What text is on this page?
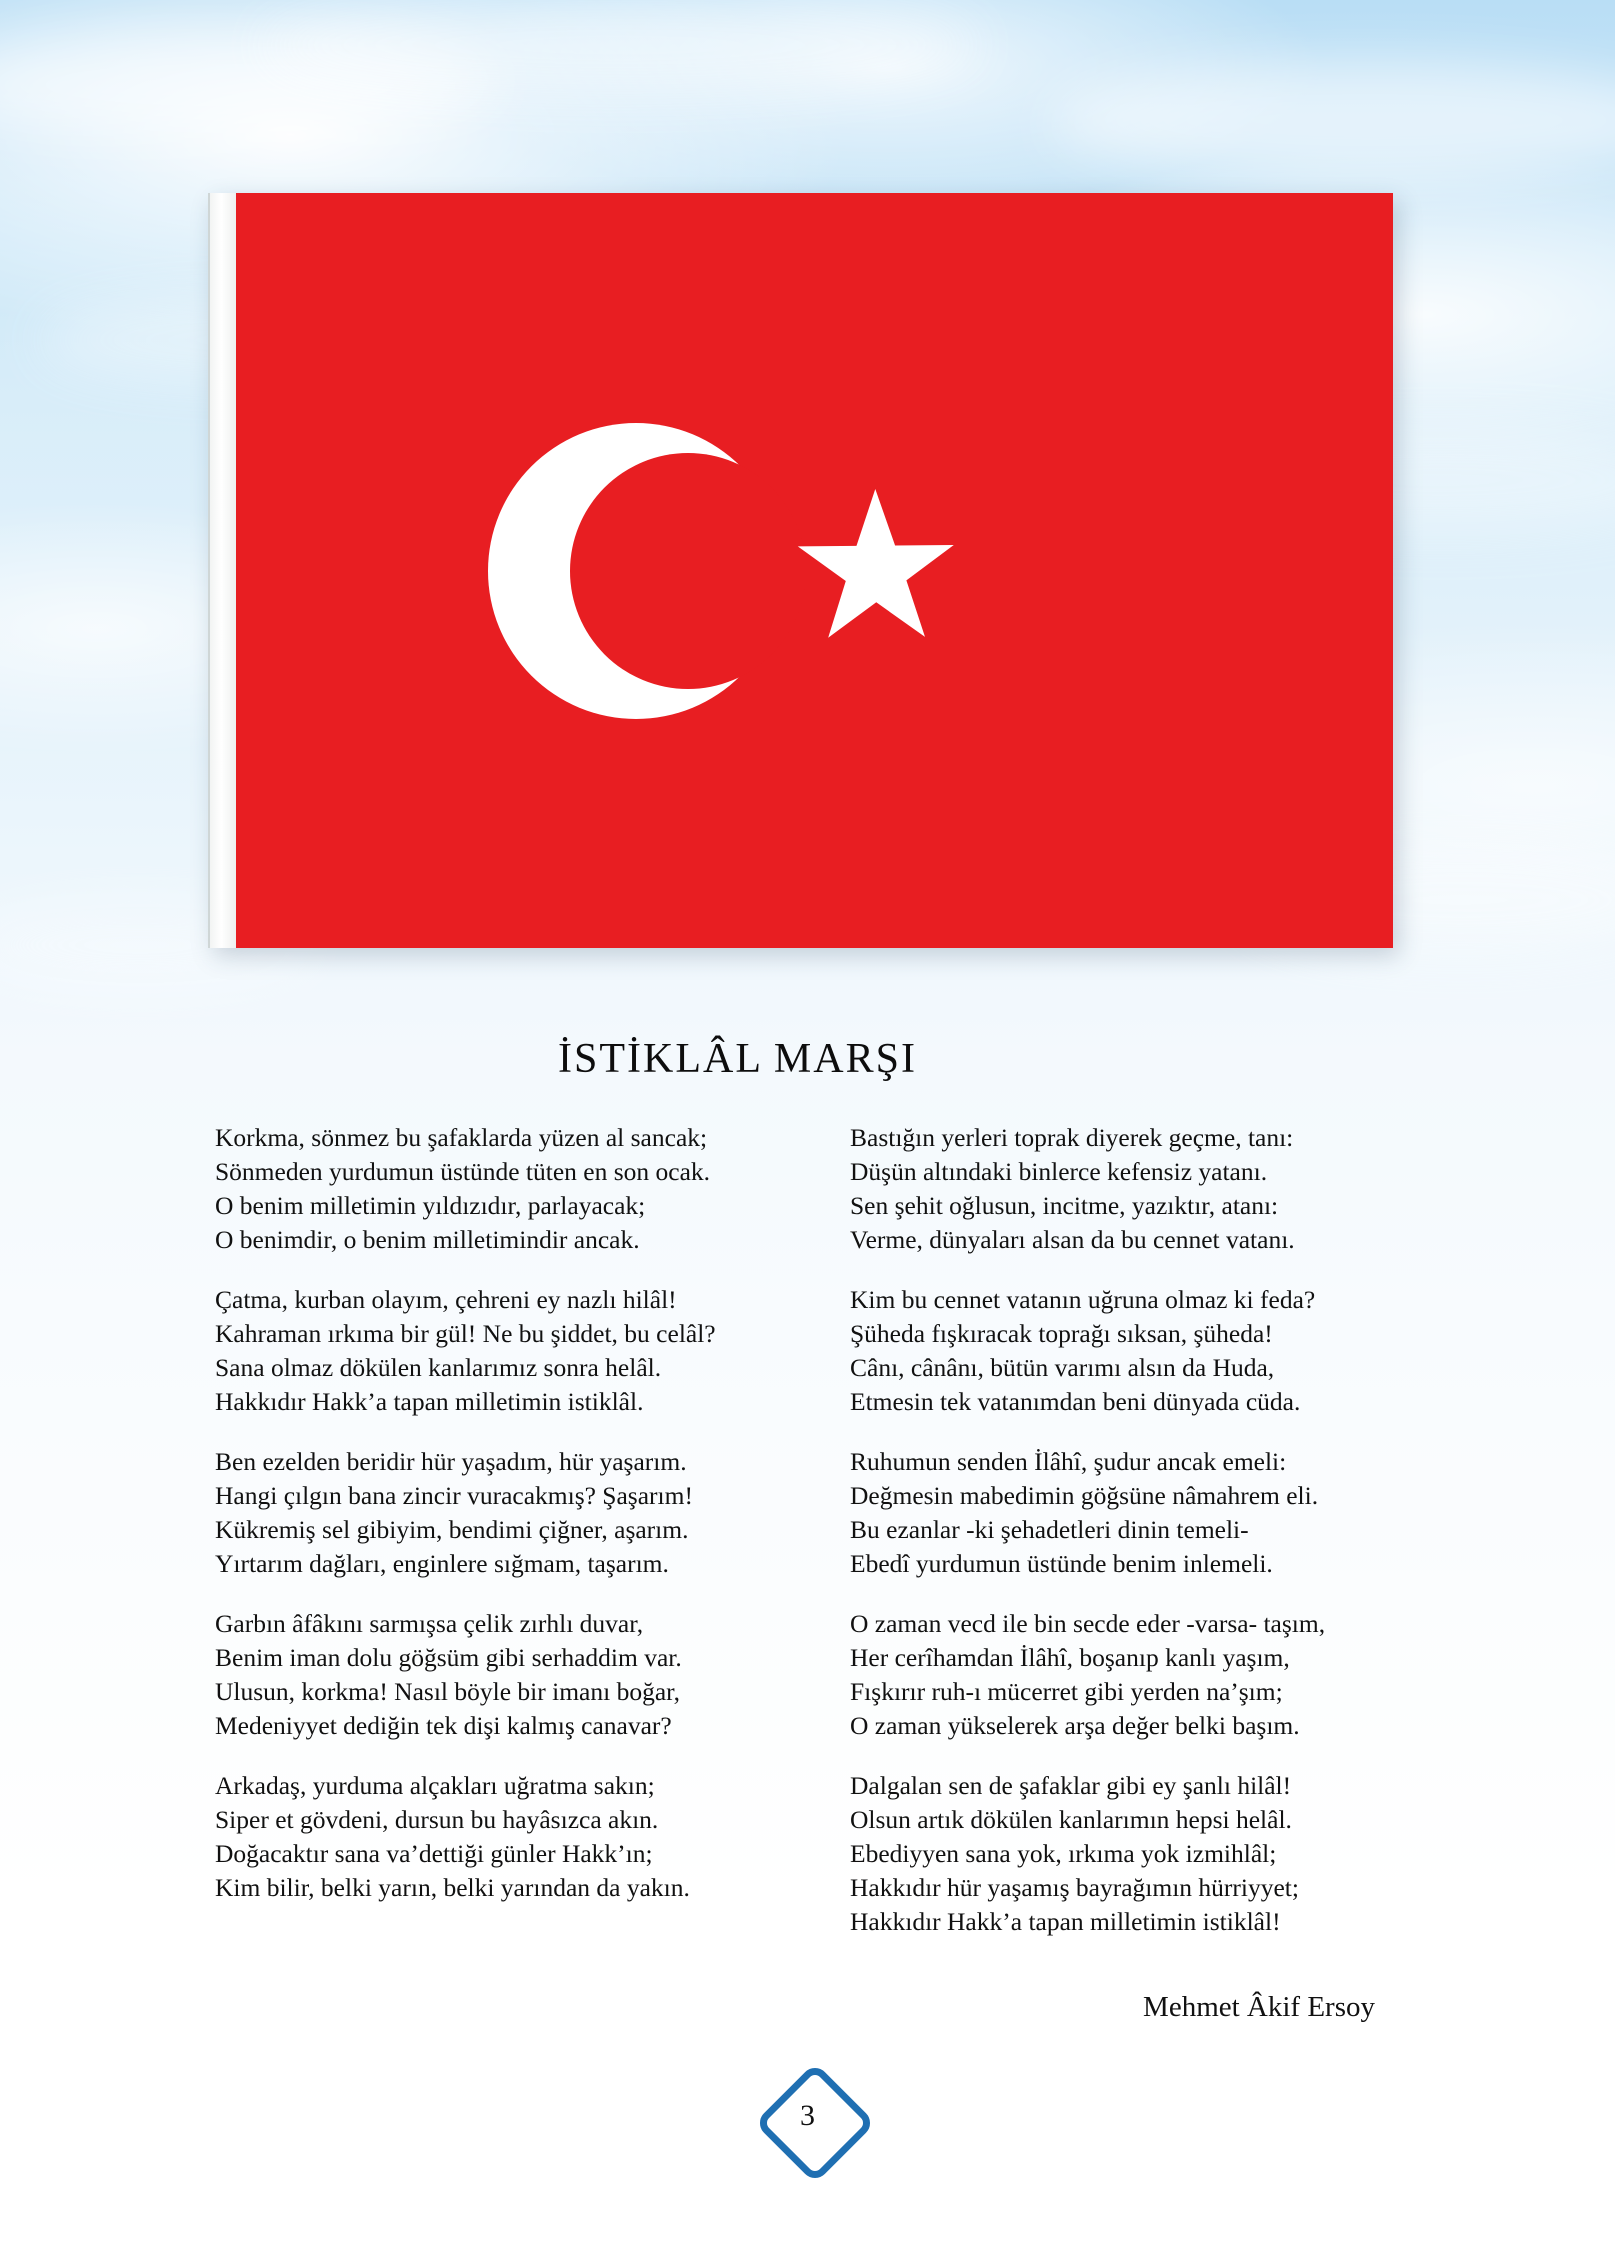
İSTİKLÂL MARŞI

Korkma, sönmez bu şafaklarda yüzen al sancak;
Sönmeden yurdumun üstünde tüten en son ocak.
O benim milletimin yıldızıdır, parlayacak;
O benimdir, o benim milletimindir ancak.

Çatma, kurban olayım, çehreni ey nazlı hilâl!
Kahraman ırkıma bir gül! Ne bu şiddet, bu celâl?
Sana olmaz dökülen kanlarımız sonra helâl.
Hakkıdır Hakk’a tapan milletimin istiklâl.

Ben ezelden beridir hür yaşadım, hür yaşarım.
Hangi çılgın bana zincir vuracakmış? Şaşarım!
Kükremiş sel gibiyim, bendimi çiğner, aşarım.
Yırtarım dağları, enginlere sığmam, taşarım.

Garbın âfâkını sarmışsa çelik zırhlı duvar,
Benim iman dolu göğsüm gibi serhaddim var.
Ulusun, korkma! Nasıl böyle bir imanı boğar,
Medeniyyet dediğin tek dişi kalmış canavar?

Arkadaş, yurduma alçakları uğratma sakın;
Siper et gövdeni, dursun bu hayâsızca akın.
Doğacaktır sana va’dettiği günler Hakk’ın;
Kim bilir, belki yarın, belki yarından da yakın.

Bastığın yerleri toprak diyerek geçme, tanı:
Düşün altındaki binlerce kefensiz yatanı.
Sen şehit oğlusun, incitme, yazıktır, atanı:
Verme, dünyaları alsan da bu cennet vatanı.

Kim bu cennet vatanın uğruna olmaz ki feda?
Şüheda fışkıracak toprağı sıksan, şüheda!
Cânı, cânânı, bütün varımı alsın da Huda,
Etmesin tek vatanımdan beni dünyada cüda.

Ruhumun senden İlâhî, şudur ancak emeli:
Değmesin mabedimin göğsüne nâmahrem eli.
Bu ezanlar -ki şehadetleri dinin temeli-
Ebedî yurdumun üstünde benim inlemeli.

O zaman vecd ile bin secde eder -varsa- taşım,
Her cerîhamdan İlâhî, boşanıp kanlı yaşım,
Fışkırır ruh-ı mücerret gibi yerden na’şım;
O zaman yükselerek arşa değer belki başım.

Dalgalan sen de şafaklar gibi ey şanlı hilâl!
Olsun artık dökülen kanlarımın hepsi helâl.
Ebediyyen sana yok, ırkıma yok izmihlâl;
Hakkıdır hür yaşamış bayrağımın hürriyyet;
Hakkıdır Hakk’a tapan milletimin istiklâl!

Mehmet Âkif Ersoy
3
